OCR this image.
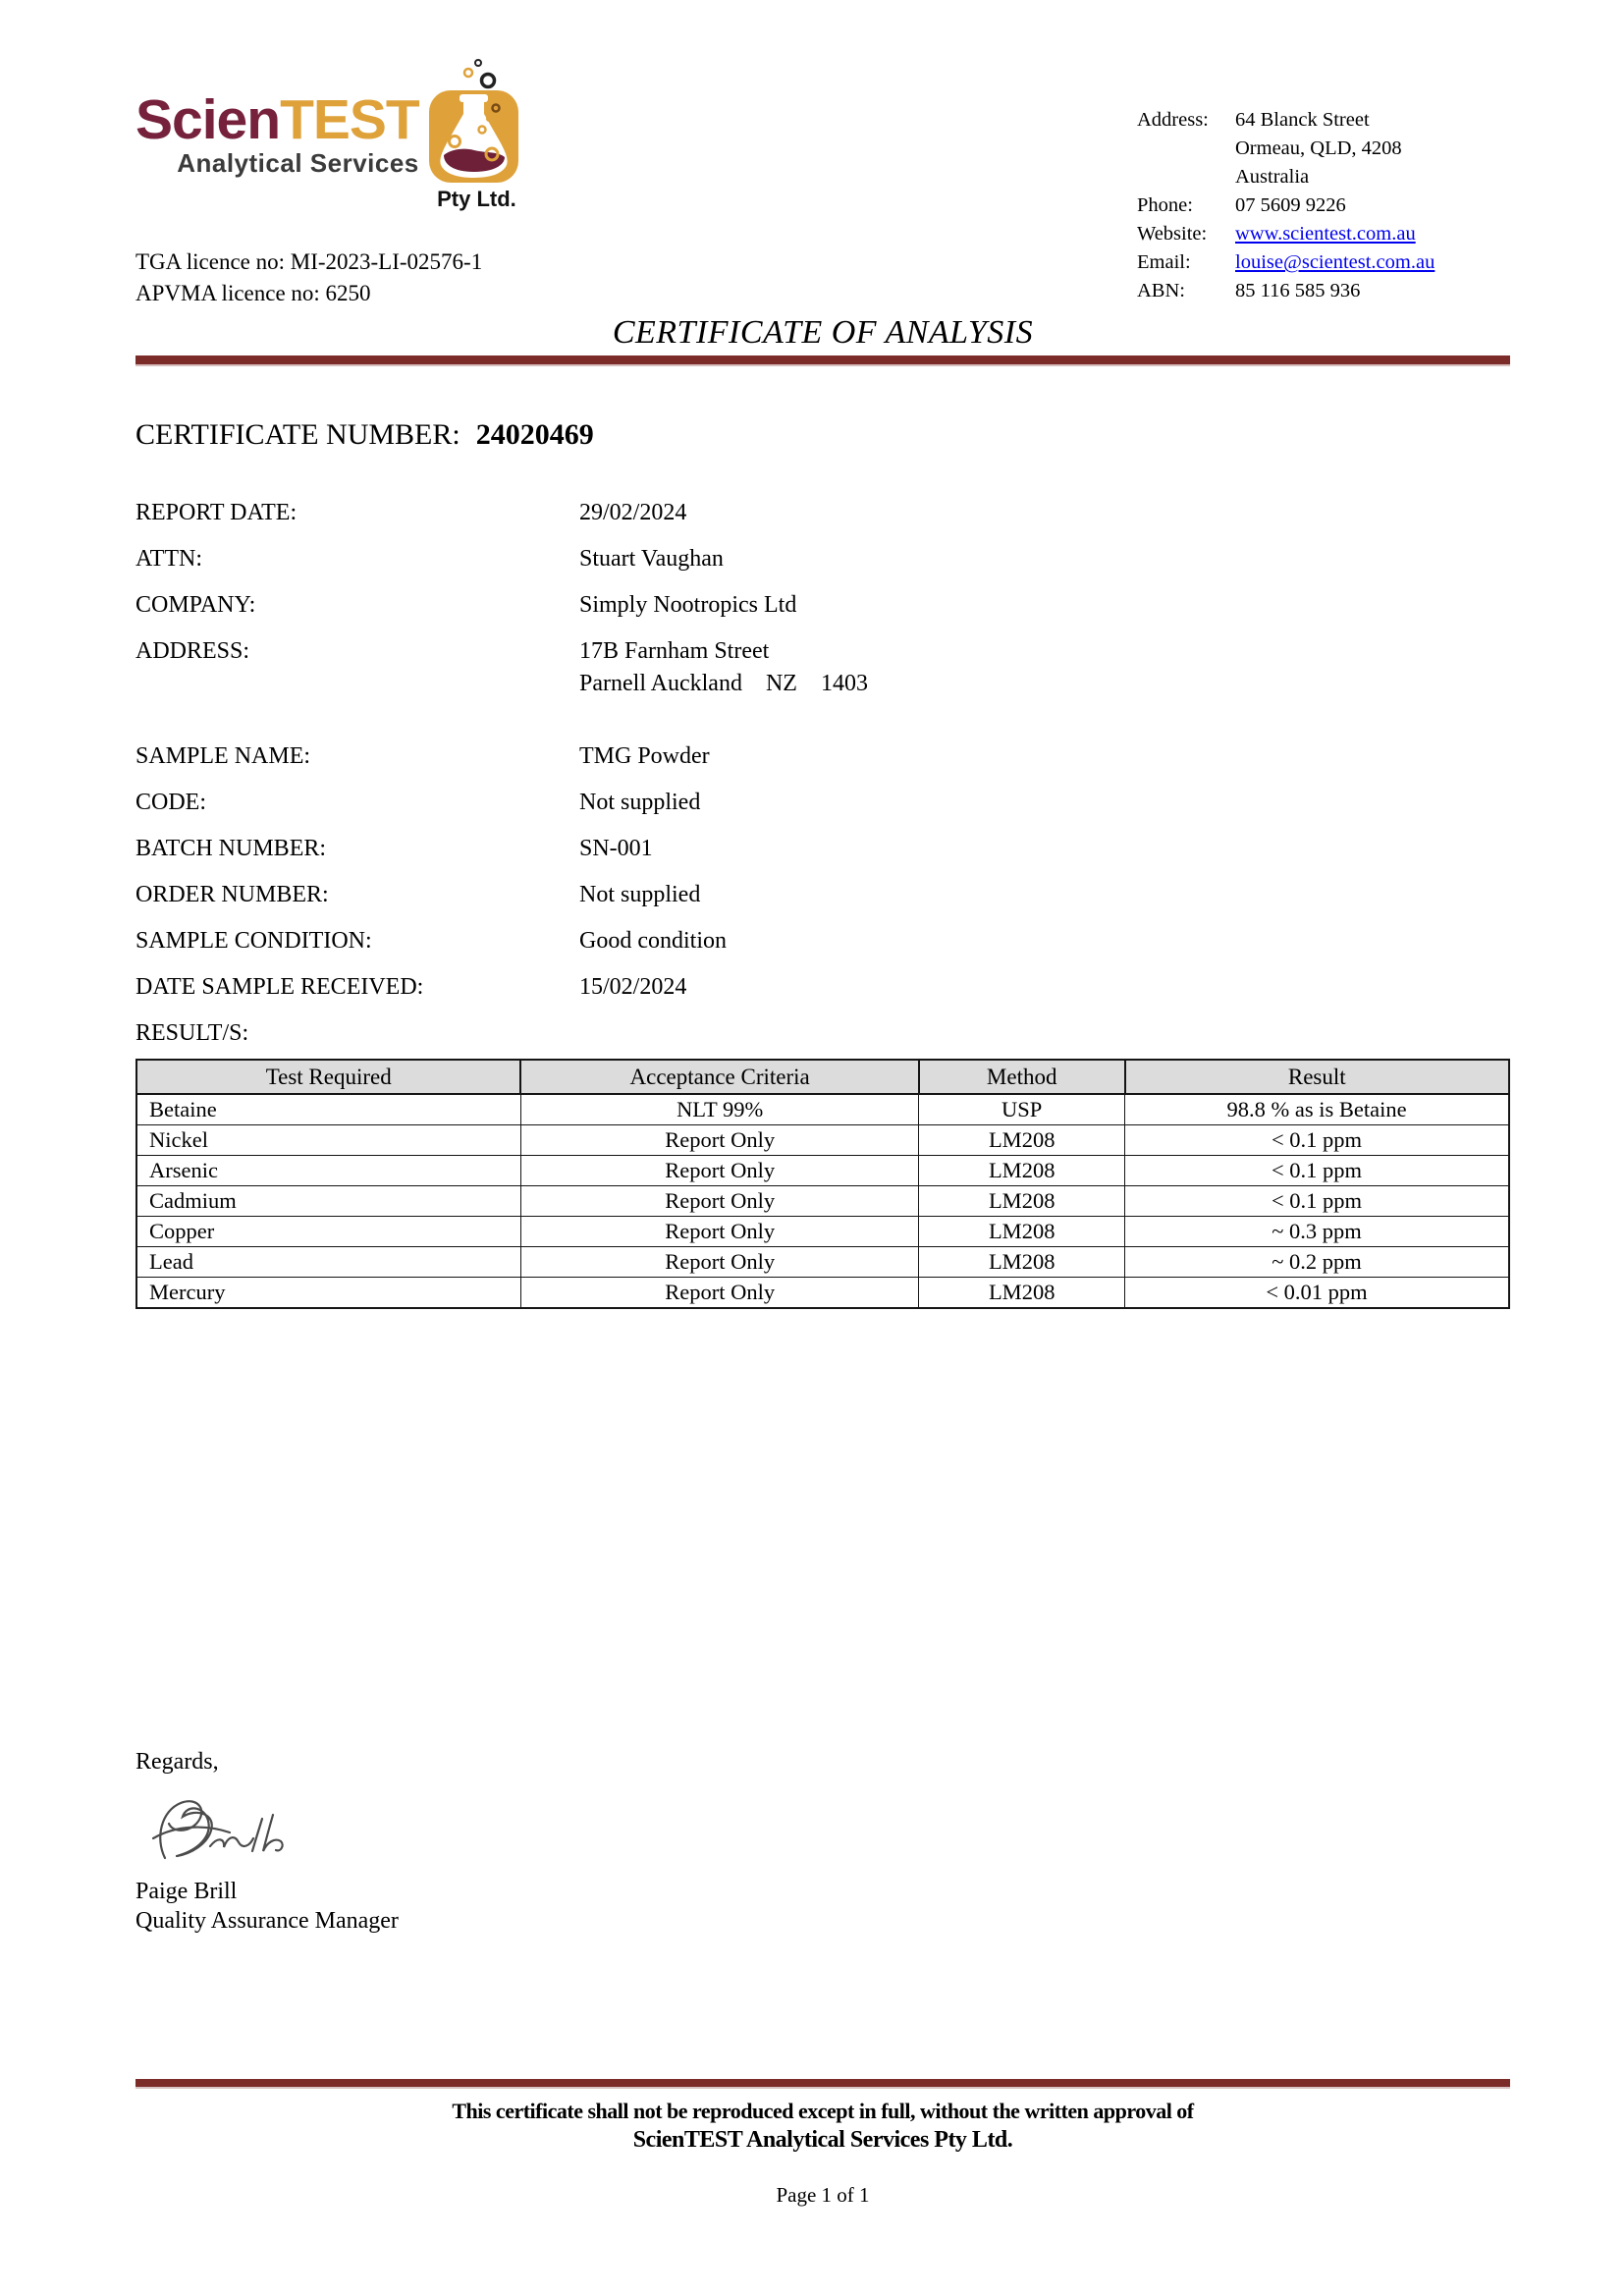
ScienTEST
Analytical Services
Pty Ltd.
Address:	64 Blanck Street
Ormeau, QLD, 4208
Australia
Phone:	07 5609 9226
Website:	www.scientest.com.au
Email:	louise@scientest.com.au
ABN:	85 116 585 936
TGA licence no: MI-2023-LI-02576-1
APVMA licence no: 6250
CERTIFICATE OF ANALYSIS
CERTIFICATE NUMBER: 24020469
REPORT DATE:	29/02/2024
ATTN:	Stuart Vaughan
COMPANY:	Simply Nootropics Ltd
ADDRESS:	17B Farnham Street
Parnell Auckland    NZ    1403
SAMPLE NAME:	TMG Powder
CODE:	Not supplied
BATCH NUMBER:	SN-001
ORDER NUMBER:	Not supplied
SAMPLE CONDITION:	Good condition
DATE SAMPLE RECEIVED:	15/02/2024
RESULT/S:
Test Required	Acceptance Criteria	Method	Result
Betaine	NLT 99%	USP	98.8 % as is Betaine
Nickel	Report Only	LM208	< 0.1 ppm
Arsenic	Report Only	LM208	< 0.1 ppm
Cadmium	Report Only	LM208	< 0.1 ppm
Copper	Report Only	LM208	~ 0.3 ppm
Lead	Report Only	LM208	~ 0.2 ppm
Mercury	Report Only	LM208	< 0.01 ppm
Regards,
Paige Brill
Quality Assurance Manager
This certificate shall not be reproduced except in full, without the written approval of
ScienTEST Analytical Services Pty Ltd.
Page 1 of 1
